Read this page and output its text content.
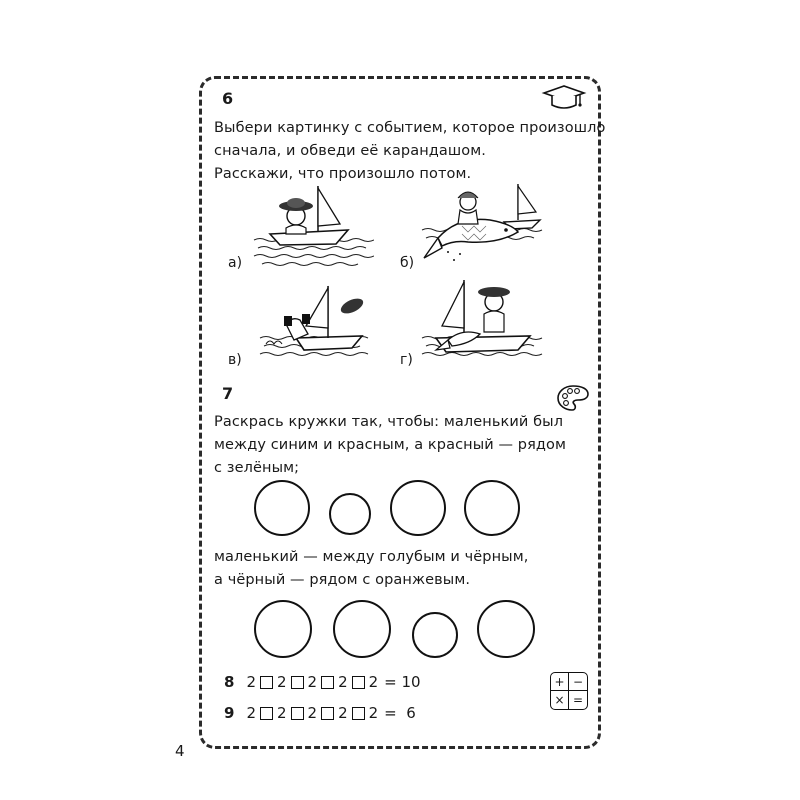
6
Выбери картинку с событием, которое произошло
сначала, и обведи её карандашом.
Расскажи, что произошло потом.
а)	б)
в)	г)
7
Раскрась кружки так, чтобы: маленький был
между синим и красным, а красный — рядом
с зелёным;
маленький — между голубым и чёрным,
а чёрный — рядом с оранжевым.
8 2 2 2 2 2 = 10
9 2 2 2 2 2 =  6
+ −
× =
4
